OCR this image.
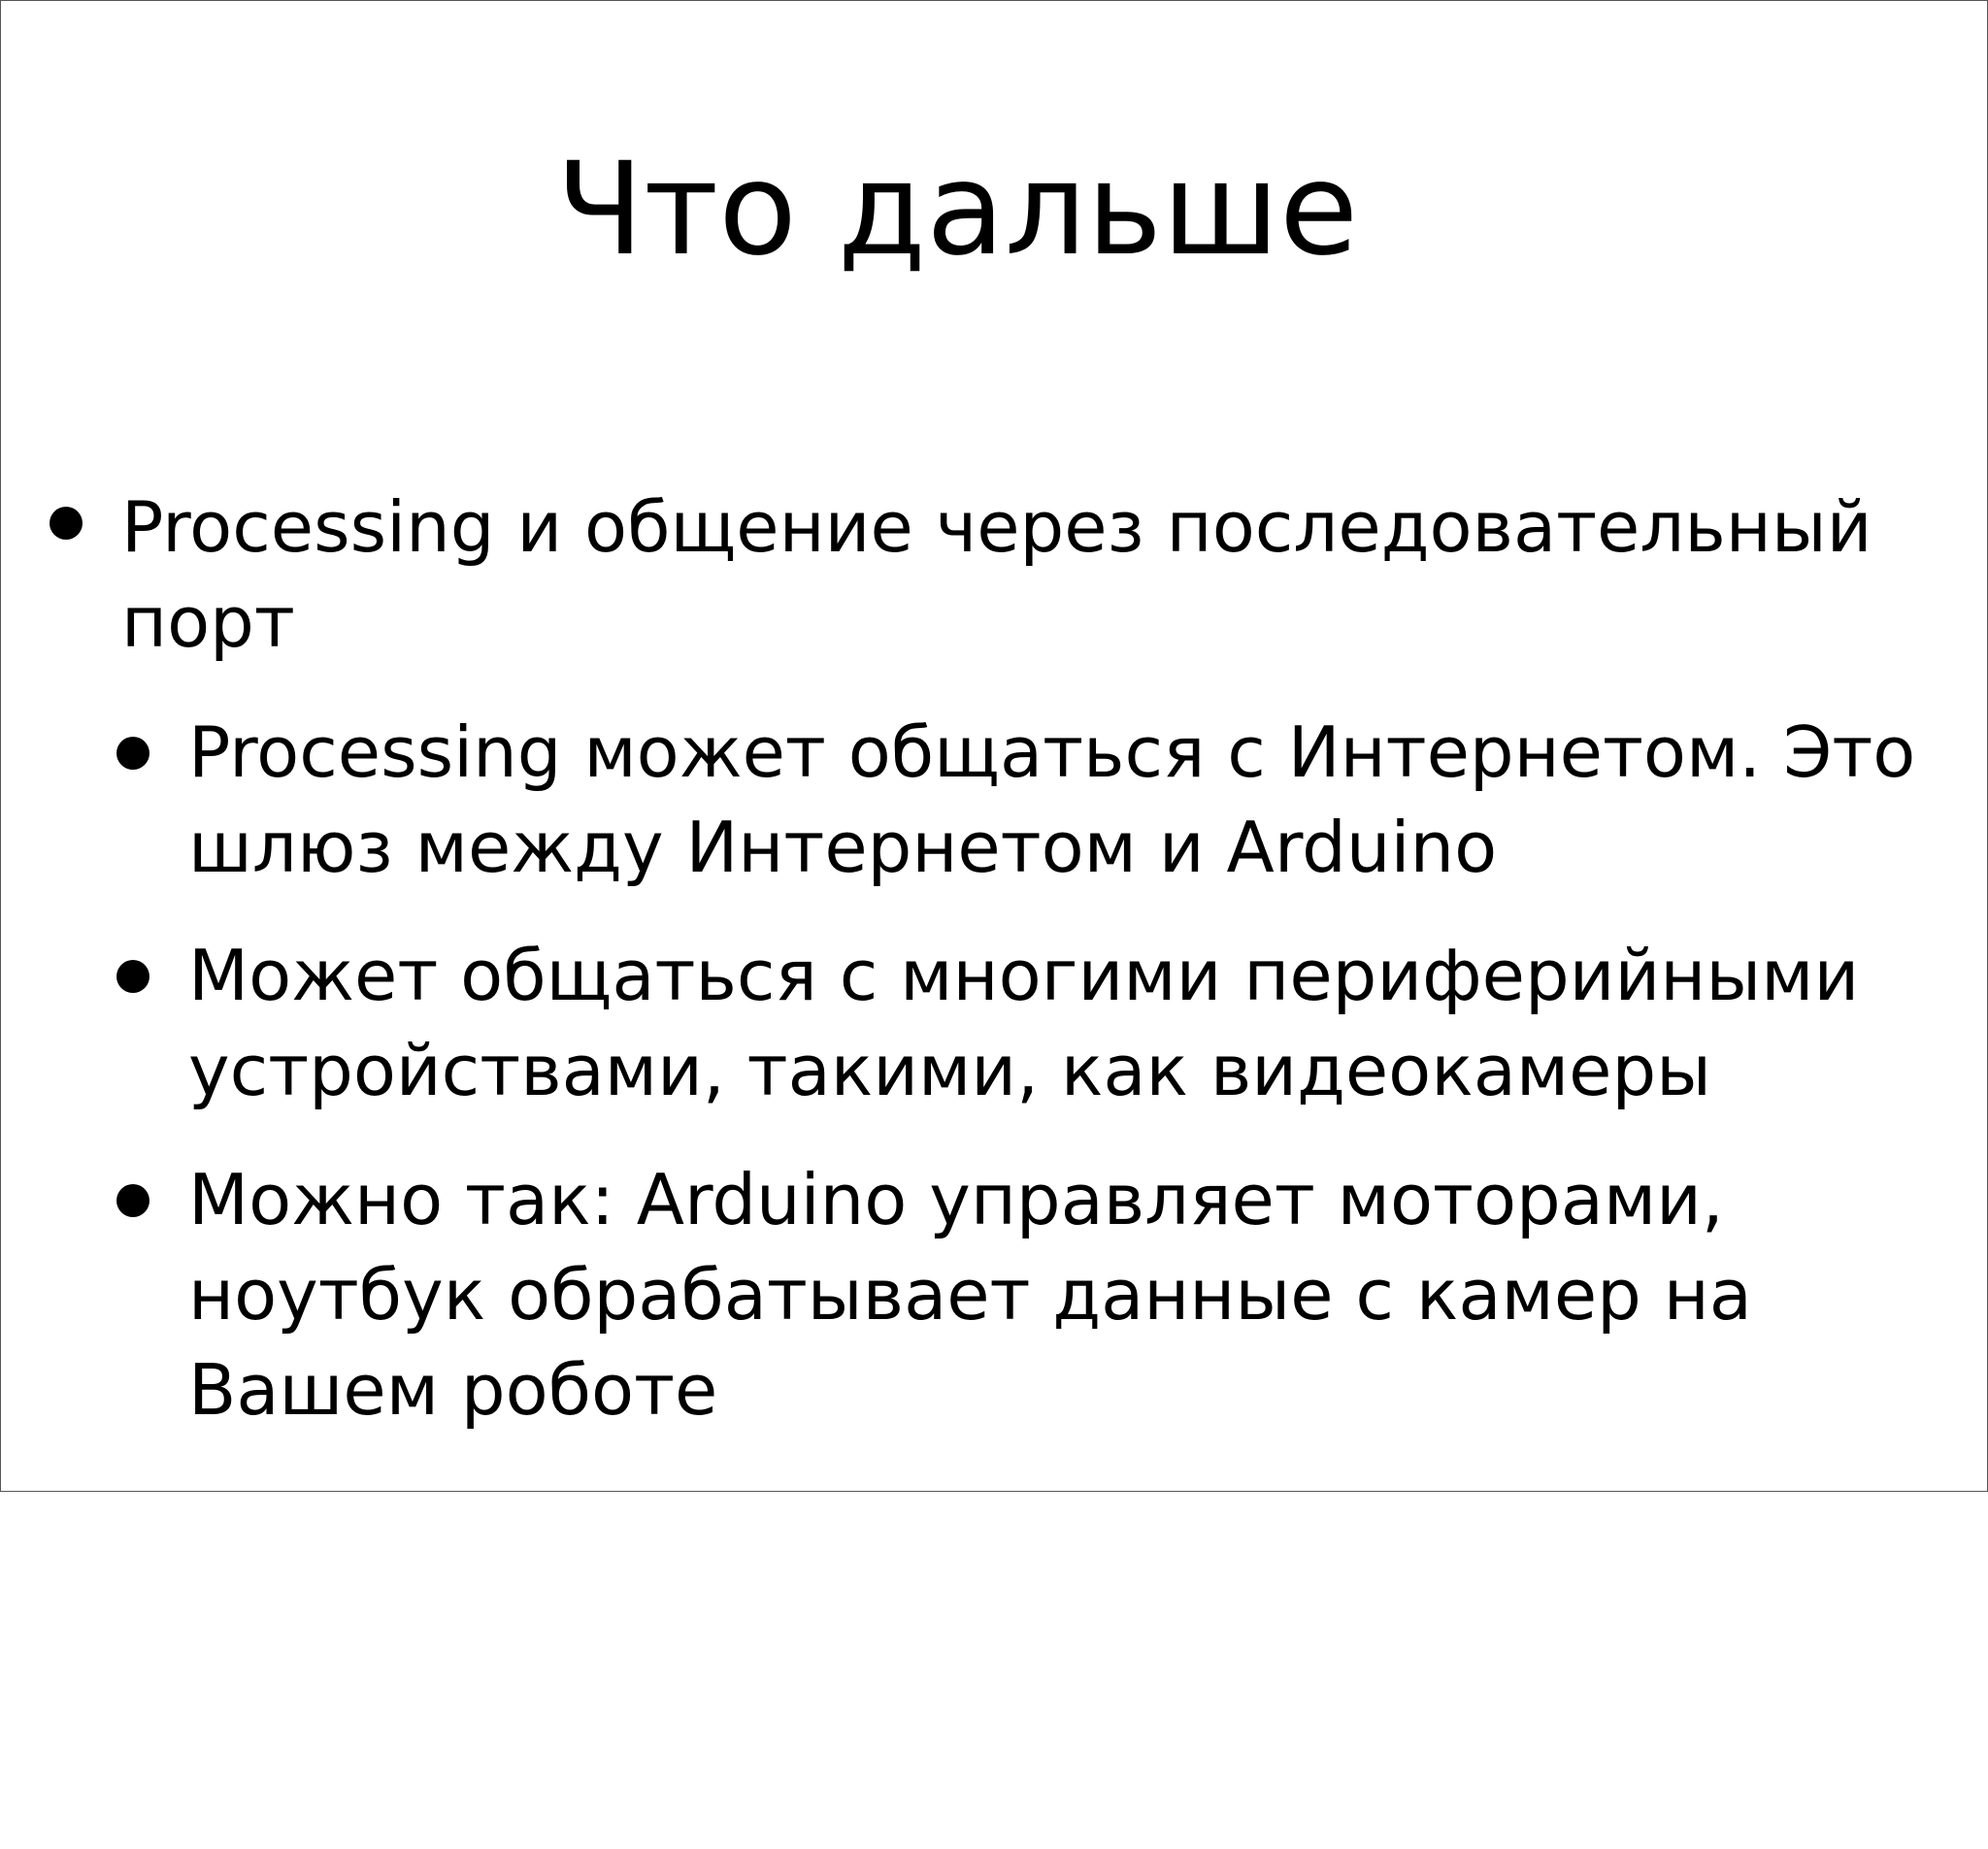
Что дальше
Processing и общение через последовательный
порт
Processing может общаться с Интернетом. Это
шлюз между Интернетом и Arduino
Может общаться с многими периферийными
устройствами, такими, как видеокамеры
Можно так: Arduino управляет моторами,
ноутбук обрабатывает данные с камер на
Вашем роботе
